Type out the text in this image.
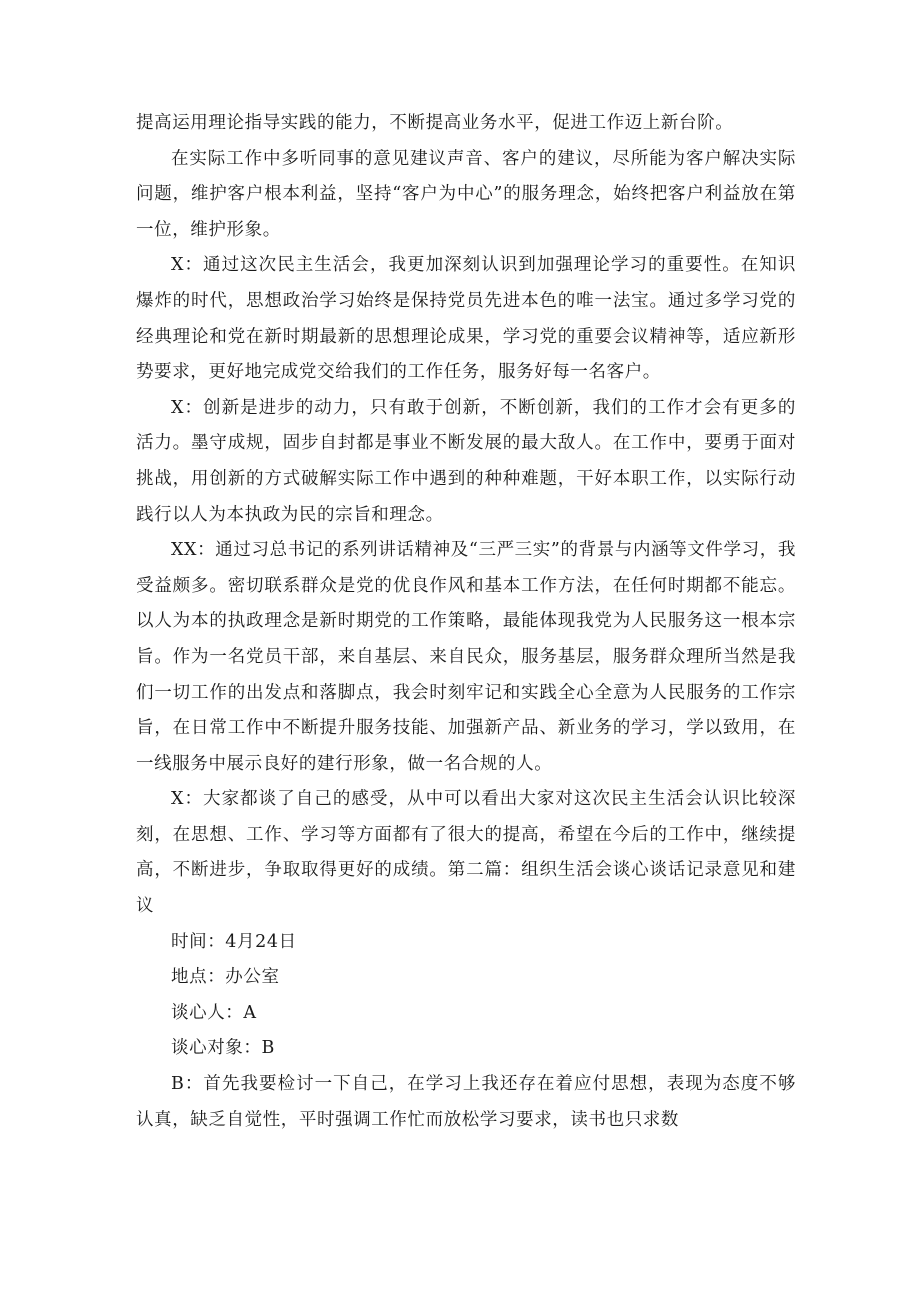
提高运用理论指导实践的能力，不断提高业务水平，促进工作迈上新台阶。

在实际工作中多听同事的意见建议声音、客户的建议，尽所能为客户解决实际问题，维护客户根本利益，坚持“客户为中心”的服务理念，始终把客户利益放在第一位，维护形象。

X：通过这次民主生活会，我更加深刻认识到加强理论学习的重要性。在知识爆炸的时代，思想政治学习始终是保持党员先进本色的唯一法宝。通过多学习党的经典理论和党在新时期最新的思想理论成果，学习党的重要会议精神等，适应新形势要求，更好地完成党交给我们的工作任务，服务好每一名客户。

X：创新是进步的动力，只有敢于创新，不断创新，我们的工作才会有更多的活力。墨守成规，固步自封都是事业不断发展的最大敌人。在工作中，要勇于面对挑战，用创新的方式破解实际工作中遇到的种种难题，干好本职工作，以实际行动践行以人为本执政为民的宗旨和理念。

XX：通过习总书记的系列讲话精神及“三严三实”的背景与内涵等文件学习，我受益颇多。密切联系群众是党的优良作风和基本工作方法，在任何时期都不能忘。以人为本的执政理念是新时期党的工作策略，最能体现我党为人民服务这一根本宗旨。作为一名党员干部，来自基层、来自民众，服务基层，服务群众理所当然是我们一切工作的出发点和落脚点，我会时刻牢记和实践全心全意为人民服务的工作宗旨，在日常工作中不断提升服务技能、加强新产品、新业务的学习，学以致用，在一线服务中展示良好的建行形象，做一名合规的人。

X：大家都谈了自己的感受，从中可以看出大家对这次民主生活会认识比较深刻，在思想、工作、学习等方面都有了很大的提高，希望在今后的工作中，继续提高，不断进步，争取取得更好的成绩。第二篇：组织生活会谈心谈话记录意见和建议

时间：4月24日

地点：办公室

谈心人：A

谈心对象：B

B：首先我要检讨一下自己，在学习上我还存在着应付思想，表现为态度不够认真，缺乏自觉性，平时强调工作忙而放松学习要求，读书也只求数
